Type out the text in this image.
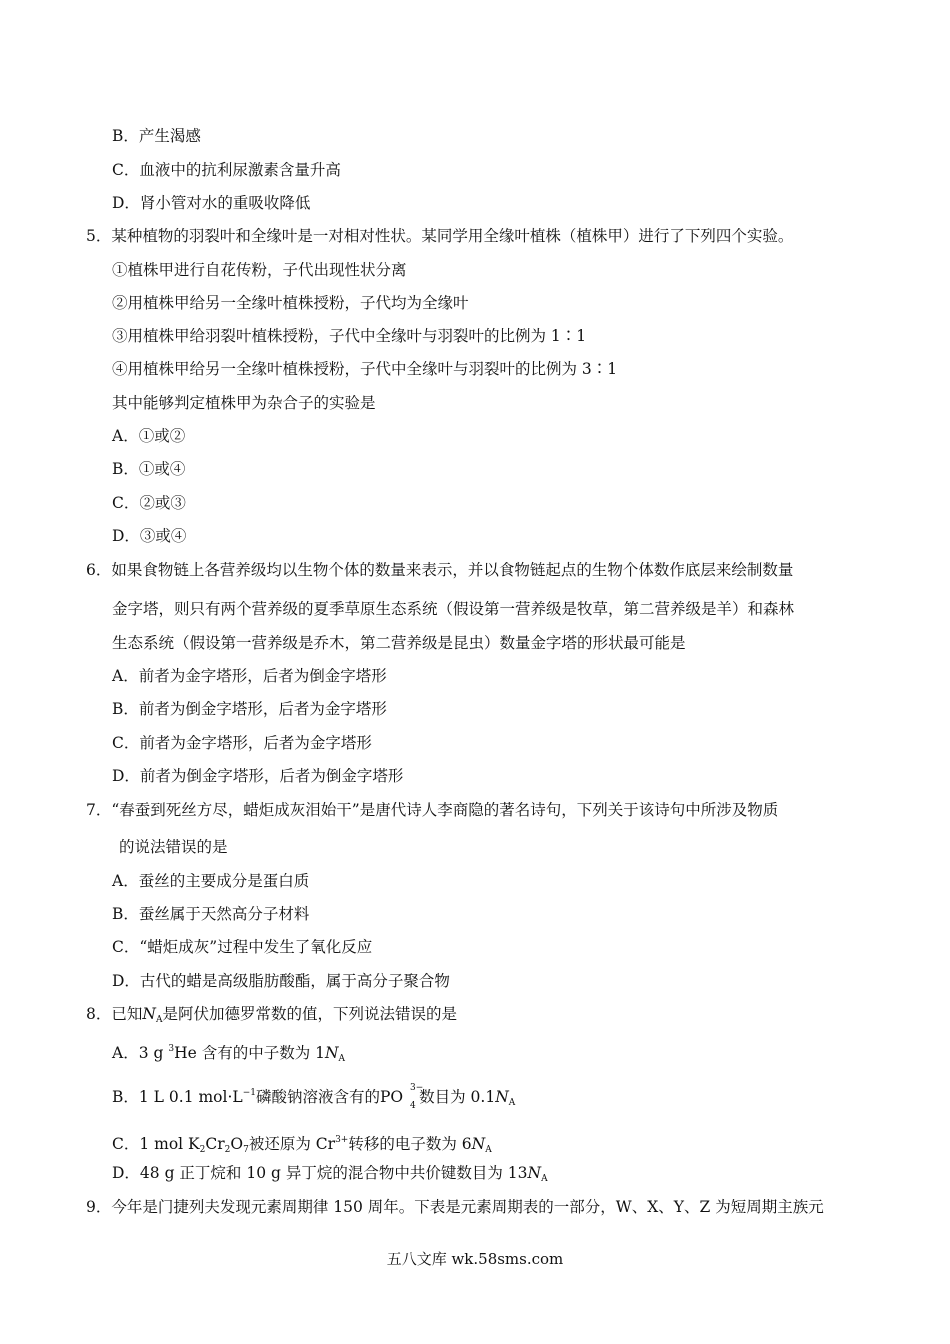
B．产生渴感
C．血液中的抗利尿激素含量升高
D．肾小管对水的重吸收降低
5．某种植物的羽裂叶和全缘叶是一对相对性状。某同学用全缘叶植株（植株甲）进行了下列四个实验。
①植株甲进行自花传粉，子代出现性状分离
②用植株甲给另一全缘叶植株授粉，子代均为全缘叶
③用植株甲给羽裂叶植株授粉，子代中全缘叶与羽裂叶的比例为 1∶1
④用植株甲给另一全缘叶植株授粉，子代中全缘叶与羽裂叶的比例为 3∶1
其中能够判定植株甲为杂合子的实验是
A．①或②
B．①或④
C．②或③
D．③或④
6．如果食物链上各营养级均以生物个体的数量来表示，并以食物链起点的生物个体数作底层来绘制数量
金字塔，则只有两个营养级的夏季草原生态系统（假设第一营养级是牧草，第二营养级是羊）和森林
生态系统（假设第一营养级是乔木，第二营养级是昆虫）数量金字塔的形状最可能是
A．前者为金字塔形，后者为倒金字塔形
B．前者为倒金字塔形，后者为金字塔形
C．前者为金字塔形，后者为金字塔形
D．前者为倒金字塔形，后者为倒金字塔形
7．“春蚕到死丝方尽，蜡炬成灰泪始干”是唐代诗人李商隐的著名诗句，下列关于该诗句中所涉及物质
的说法错误的是
A．蚕丝的主要成分是蛋白质
B．蚕丝属于天然高分子材料
C．“蜡炬成灰”过程中发生了氧化反应
D．古代的蜡是高级脂肪酸酯，属于高分子聚合物
8．已知$N_A$是阿伏加德罗常数的值，下列说法错误的是
A．3 g $^3$He 含有的中子数为 $1N_A$
B．1 L 0.1 $mol\cdot L^{-1}$磷酸钠溶液含有的PO 3−
4 数目为 $0.1N_A$
C．1 mol $K_2Cr_2O_7$被还原为 $Cr^{3+}$转移的电子数为 $6N_A$
D．48 g 正丁烷和 10 g 异丁烷的混合物中共价键数目为 $13N_A$
9．今年是门捷列夫发现元素周期律 150 周年。下表是元素周期表的一部分，W、X、Y、Z 为短周期主族元
五八文库 wk.58sms.com
